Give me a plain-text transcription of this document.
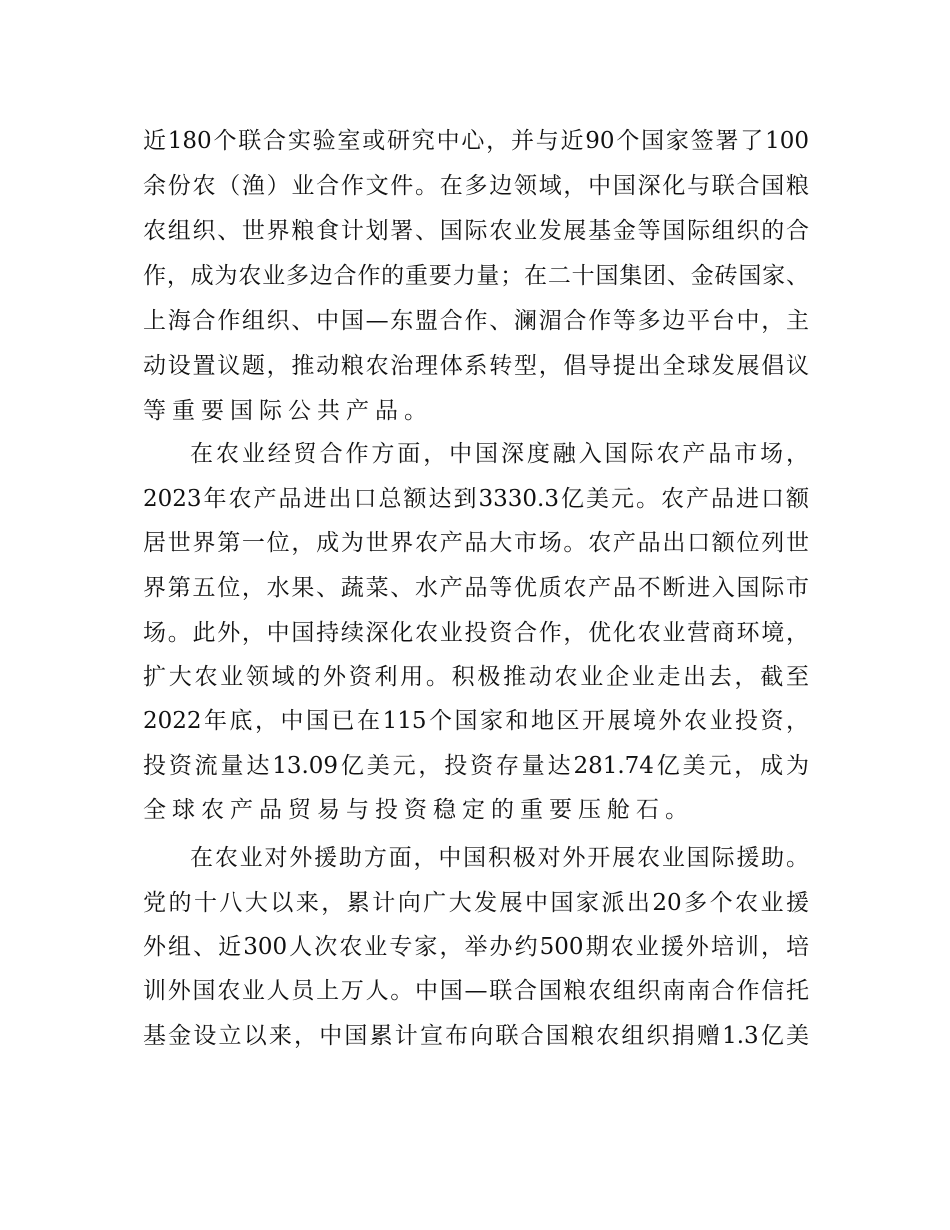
近180个联合实验室或研究中心，并与近90个国家签署了100
余份农（渔）业合作文件。在多边领域，中国深化与联合国粮
农组织、世界粮食计划署、国际农业发展基金等国际组织的合
作，成为农业多边合作的重要力量；在二十国集团、金砖国家、
上海合作组织、中国—东盟合作、澜湄合作等多边平台中，主
动设置议题，推动粮农治理体系转型，倡导提出全球发展倡议
等重要国际公共产品。
在农业经贸合作方面，中国深度融入国际农产品市场，
2023年农产品进出口总额达到3330.3亿美元。农产品进口额
居世界第一位，成为世界农产品大市场。农产品出口额位列世
界第五位，水果、蔬菜、水产品等优质农产品不断进入国际市
场。此外，中国持续深化农业投资合作，优化农业营商环境，
扩大农业领域的外资利用。积极推动农业企业走出去，截至
2022年底，中国已在115个国家和地区开展境外农业投资，
投资流量达13.09亿美元，投资存量达281.74亿美元，成为
全球农产品贸易与投资稳定的重要压舱石。
在农业对外援助方面，中国积极对外开展农业国际援助。
党的十八大以来，累计向广大发展中国家派出20多个农业援
外组、近300人次农业专家，举办约500期农业援外培训，培
训外国农业人员上万人。中国—联合国粮农组织南南合作信托
基金设立以来，中国累计宣布向联合国粮农组织捐赠1.3亿美
